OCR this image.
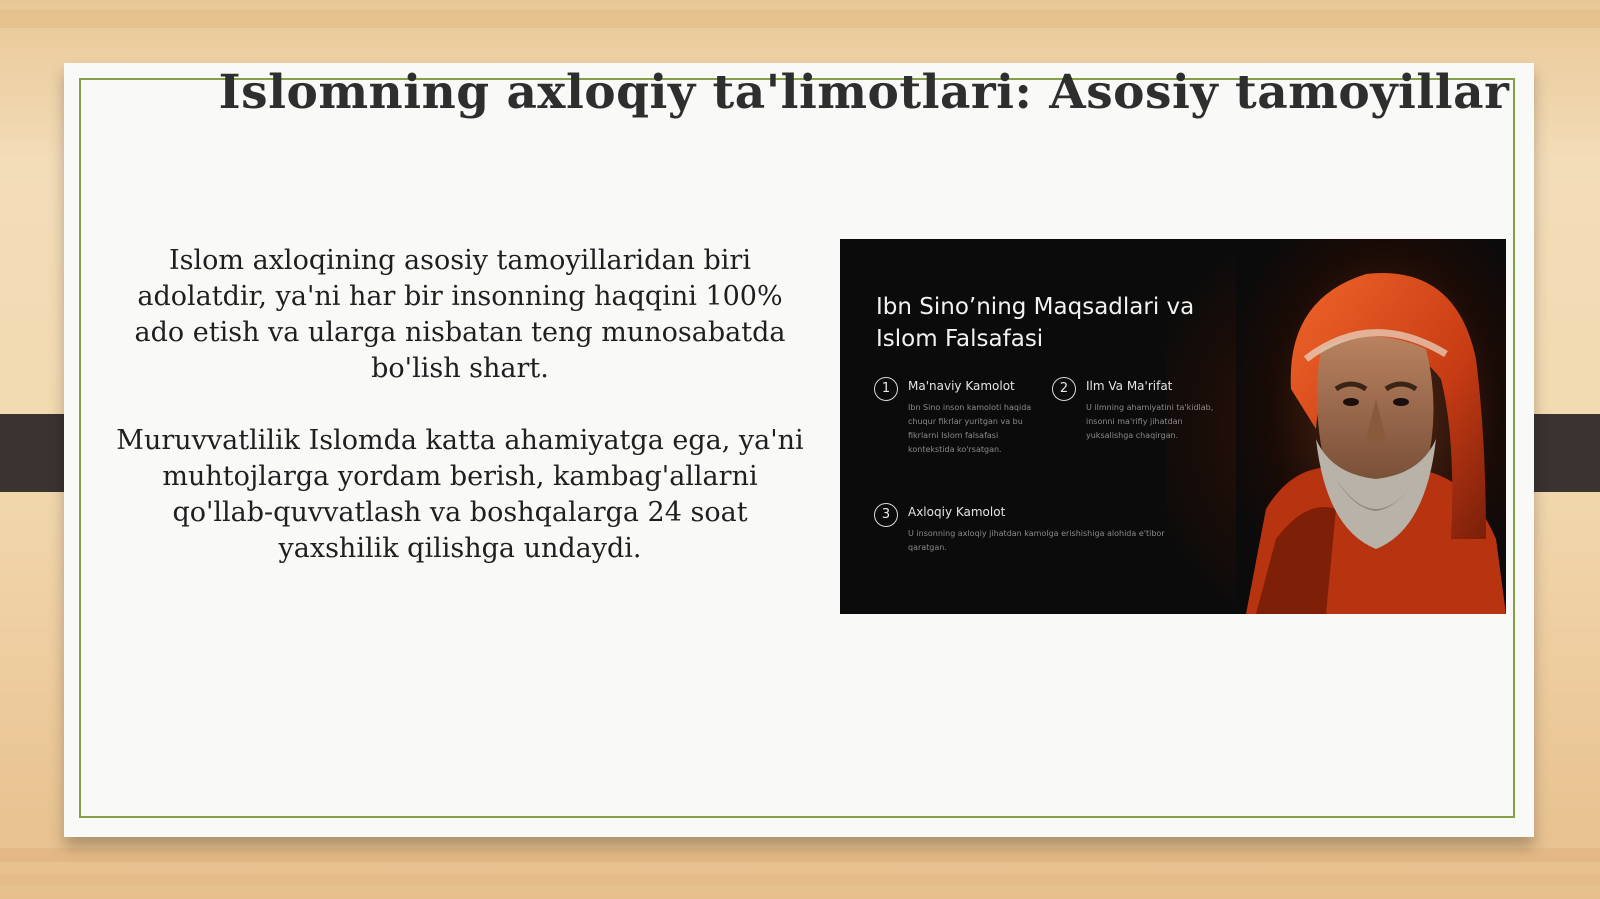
Islomning axloqiy ta'limotlari: Asosiy tamoyillar

Islom axloqining asosiy tamoyillaridan biri adolatdir, ya'ni har bir insonning haqqini 100% ado etish va ularga nisbatan teng munosabatda bo'lish shart.

Muruvvatlilik Islomda katta ahamiyatga ega, ya'ni muhtojlarga yordam berish, kambag'allarni qo'llab-quvvatlash va boshqalarga 24 soat yaxshilik qilishga undaydi.

Ibn Sino’ning Maqsadlari va Islom Falsafasi
1	Ma'naviy Kamolot
Ibn Sino inson kamoloti haqida chuqur fikrlar yuritgan va bu fikrlarni Islom falsafasi kontekstida ko'rsatgan.
2	Ilm Va Ma'rifat
U ilmning ahamiyatini ta'kidlab, insonni ma'rifiy jihatdan yuksalishga chaqirgan.
3	Axloqiy Kamolot
U insonning axloqiy jihatdan kamolga erishishiga alohida e'tibor qaratgan.
